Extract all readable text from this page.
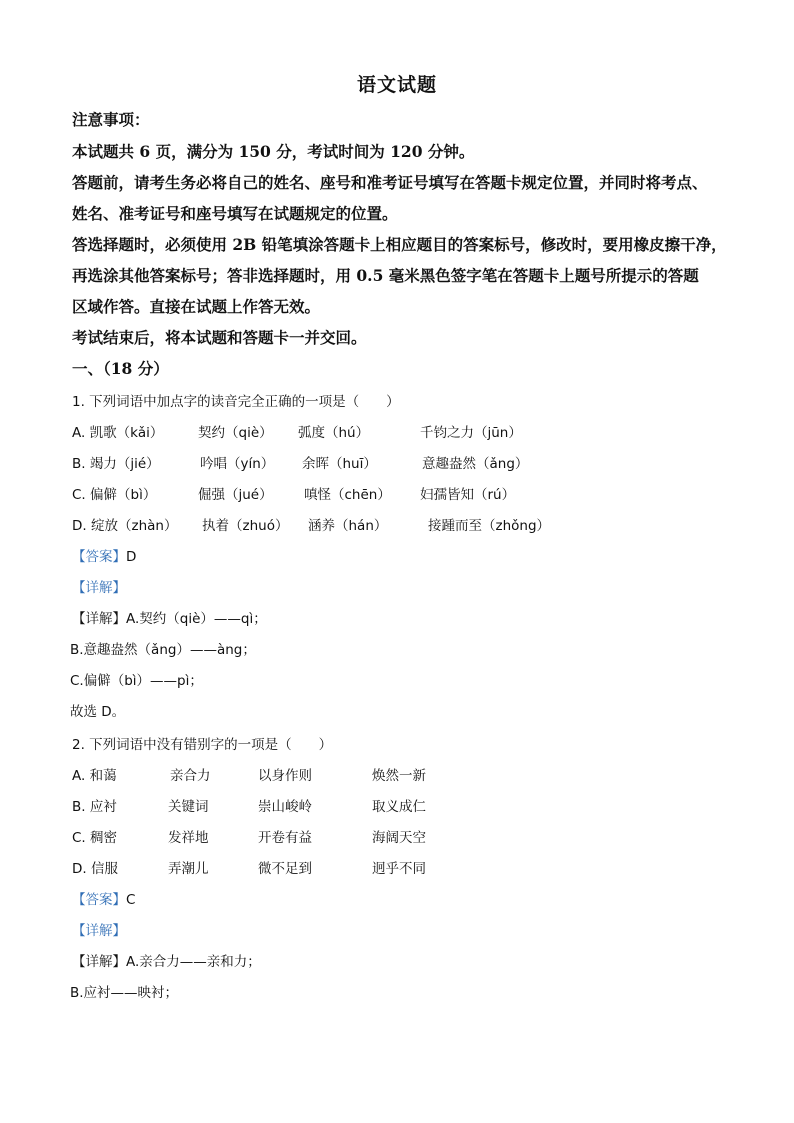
语文试题
注意事项：
本试题共 6 页，满分为 150 分，考试时间为 120 分钟。
答题前，请考生务必将自己的姓名、座号和准考证号填写在答题卡规定位置，并同时将考点、
姓名、准考证号和座号填写在试题规定的位置。
答选择题时，必须使用 2B 铅笔填涂答题卡上相应题目的答案标号，修改时，要用橡皮擦干净，
再选涂其他答案标号；答非选择题时，用 0.5 毫米黑色签字笔在答题卡上题号所提示的答题
区域作答。直接在试题上作答无效。
考试结束后，将本试题和答题卡一并交回。
一、（18 分）
1. 下列词语中加点字的读音完全正确的一项是（　　）
A. 凯歌（kǎi）	契约（qiè） 弧度（hú）	千钧之力（jūn）
B. 竭力（jié）	吟唱（yín） 余晖（huī）	意趣盎然（ǎng）
C. 偏僻（bì）	倔强（jué） 嗔怪（chēn） 妇孺皆知（rú）
D. 绽放（zhàn） 执着（zhuó） 涵养（hán）	接踵而至（zhǒng）
【答案】D
【详解】
【详解】A.契约（qiè）——qì；
B.意趣盎然（ǎng）——àng；
C.偏僻（bì）——pì；
故选 D。
2. 下列词语中没有错别字的一项是（　　）
A. 和蔼	亲合力	以身作则	焕然一新
B. 应衬	关键词	崇山峻岭	取义成仁
C. 稠密	发祥地	开卷有益	海阔天空
D. 信服	弄潮儿	微不足到	迥乎不同
【答案】C
【详解】
【详解】A.亲合力——亲和力；
B.应衬——映衬；
